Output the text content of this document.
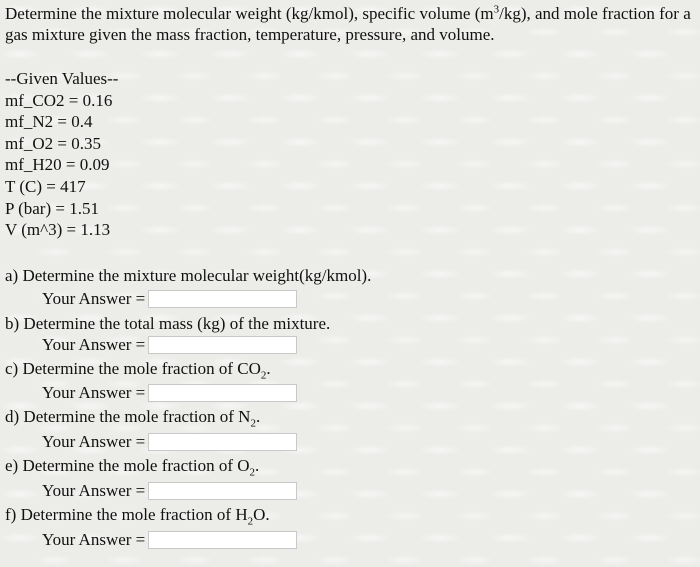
Determine the mixture molecular weight (kg/kmol), specific volume $(m^3/kg)$, and mole fraction for a gas mixture given the mass fraction, temperature, pressure, and volume.

--Given Values--
mf_CO2 = 0.16
mf_N2 = 0.4
mf_O2 = 0.35
mf_H20 = 0.09
T (C) = 417
P (bar) = 1.51
V (m^3) = 1.13

a) Determine the mixture molecular weight(kg/kmol).

Your Answer =

b) Determine the total mass (kg) of the mixture.

Your Answer =

c) Determine the mole fraction of $CO_2$.

Your Answer =

d) Determine the mole fraction of $N_2$.

Your Answer =

e) Determine the mole fraction of $O_2$.

Your Answer =

f) Determine the mole fraction of $H_2O$.

Your Answer =
